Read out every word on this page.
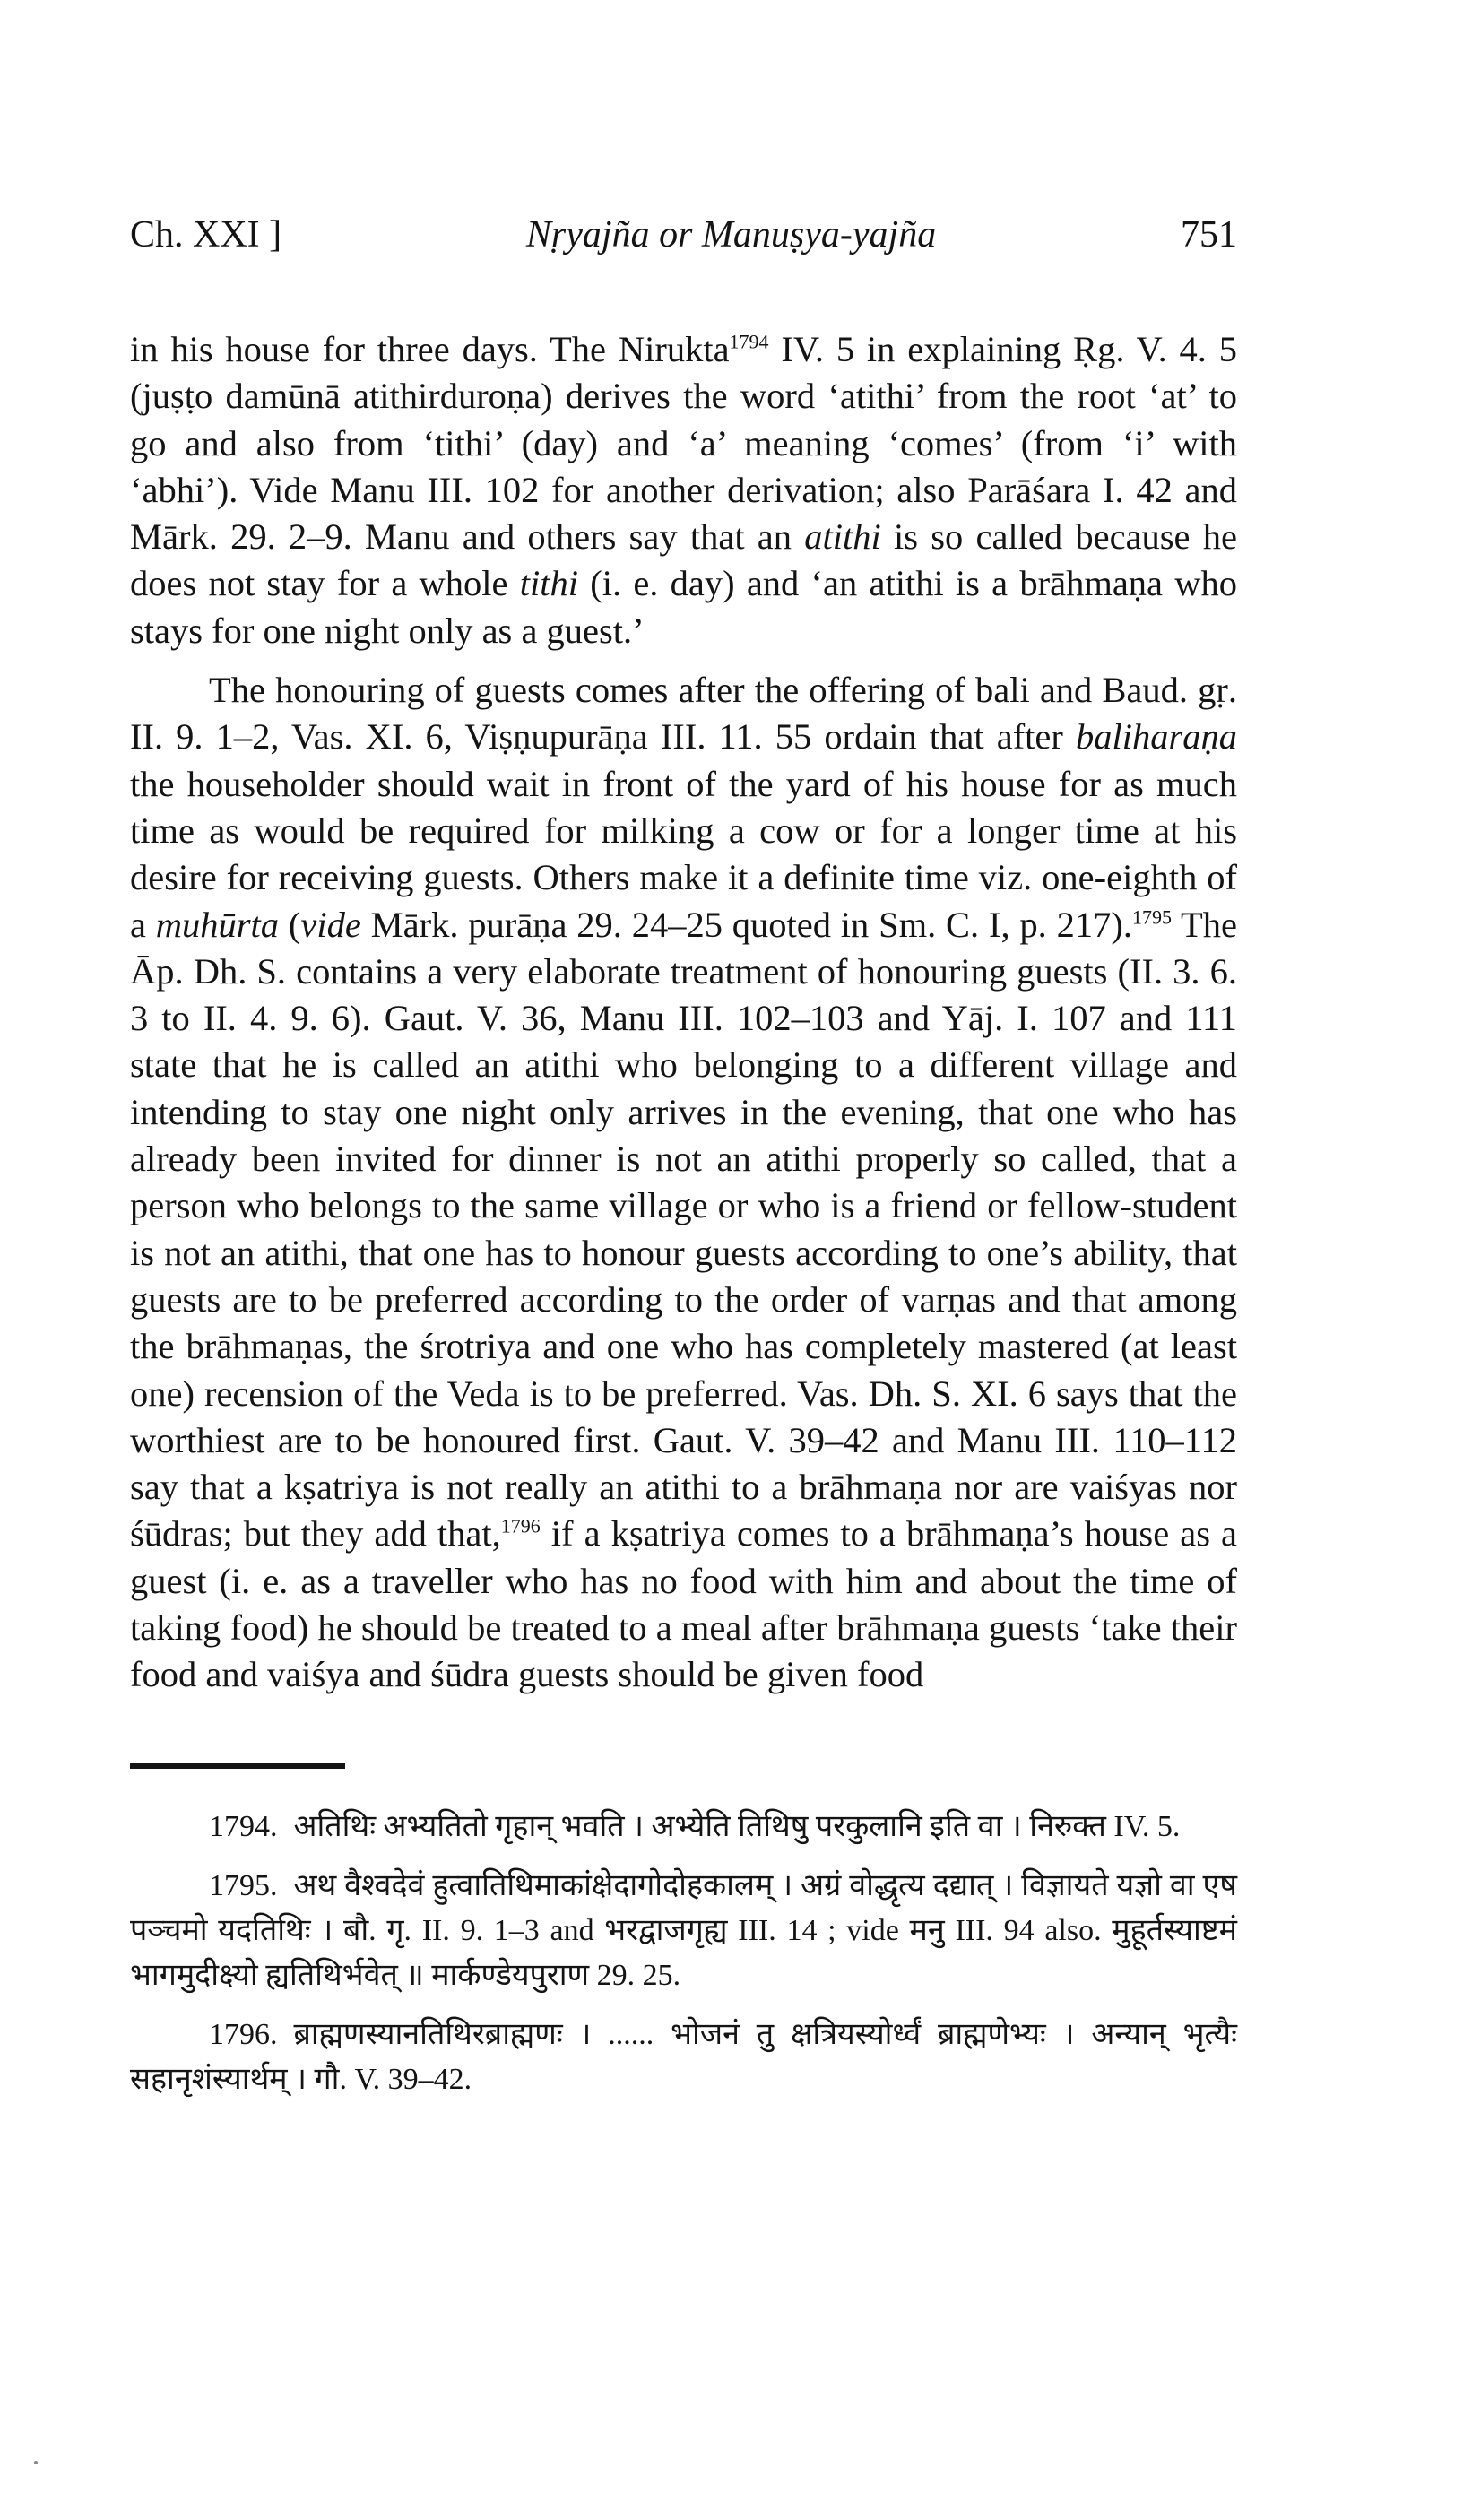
Ch. XXI ]	Nṛyajña or Manuṣya-yajña	751

in his house for three days. The Nirukta$^{1794}$ IV. 5 in explaining Ṛg. V. 4. 5 (juṣṭo damūnā atithirduroṇa) derives the word ‘atithi’ from the root ‘at’ to go and also from ‘tithi’ (day) and ‘a’ meaning ‘comes’ (from ‘i’ with ‘abhi’). Vide Manu III. 102 for another derivation; also Parāśara I. 42 and Mārk. 29. 2–9. Manu and others say that an atithi is so called because he does not stay for a whole tithi (i. e. day) and ‘an atithi is a brāhmaṇa who stays for one night only as a guest.’

The honouring of guests comes after the offering of bali and Baud. gṛ. II. 9. 1–2, Vas. XI. 6, Viṣṇupurāṇa III. 11. 55 ordain that after baliharaṇa the householder should wait in front of the yard of his house for as much time as would be required for milking a cow or for a longer time at his desire for receiving guests. Others make it a definite time viz. one-eighth of a muhūrta (vide Mārk. purāṇa 29. 24–25 quoted in Sm. C. I, p. 217).$^{1795}$ The Āp. Dh. S. contains a very elaborate treatment of honouring guests (II. 3. 6. 3 to II. 4. 9. 6). Gaut. V. 36, Manu III. 102–103 and Yāj. I. 107 and 111 state that he is called an atithi who belonging to a different village and intending to stay one night only arrives in the evening, that one who has already been invited for dinner is not an atithi properly so called, that a person who belongs to the same village or who is a friend or fellow-student is not an atithi, that one has to honour guests according to one’s ability, that guests are to be preferred according to the order of varṇas and that among the brāhmaṇas, the śrotriya and one who has completely mastered (at least one) recension of the Veda is to be preferred. Vas. Dh. S. XI. 6 says that the worthiest are to be honoured first. Gaut. V. 39–42 and Manu III. 110–112 say that a kṣatriya is not really an atithi to a brāhmaṇa nor are vaiśyas nor śūdras; but they add that,$^{1796}$ if a kṣatriya comes to a brāhmaṇa’s house as a guest (i. e. as a traveller who has no food with him and about the time of taking food) he should be treated to a meal after brāhmaṇa guests ‘take their food and vaiśya and śūdra guests should be given food

1794. अतिथिः अभ्यतितो गृहान् भवति । अभ्येति तिथिषु परकुलानि इति वा । निरुक्त IV. 5.

1795. अथ वैश्वदेवं हुत्वातिथिमाकांक्षेदागोदोहकालम् । अग्रं वोद्धृत्य दद्यात् । विज्ञायते यज्ञो वा एष पञ्चमो यदतिथिः । बौ. गृ. II. 9. 1–3 and भरद्वाजगृह्य III. 14 ; vide मनु III. 94 also. मुहूर्तस्याष्टमं भागमुदीक्ष्यो ह्यतिथिर्भवेत् ॥ मार्कण्डेयपुराण 29. 25.

1796. ब्राह्मणस्यानतिथिरब्राह्मणः । ...... भोजनं तु क्षत्रियस्योर्ध्वं ब्राह्मणेभ्यः । अन्यान् भृत्यैः सहानृशंस्यार्थम् । गौ. V. 39–42.
